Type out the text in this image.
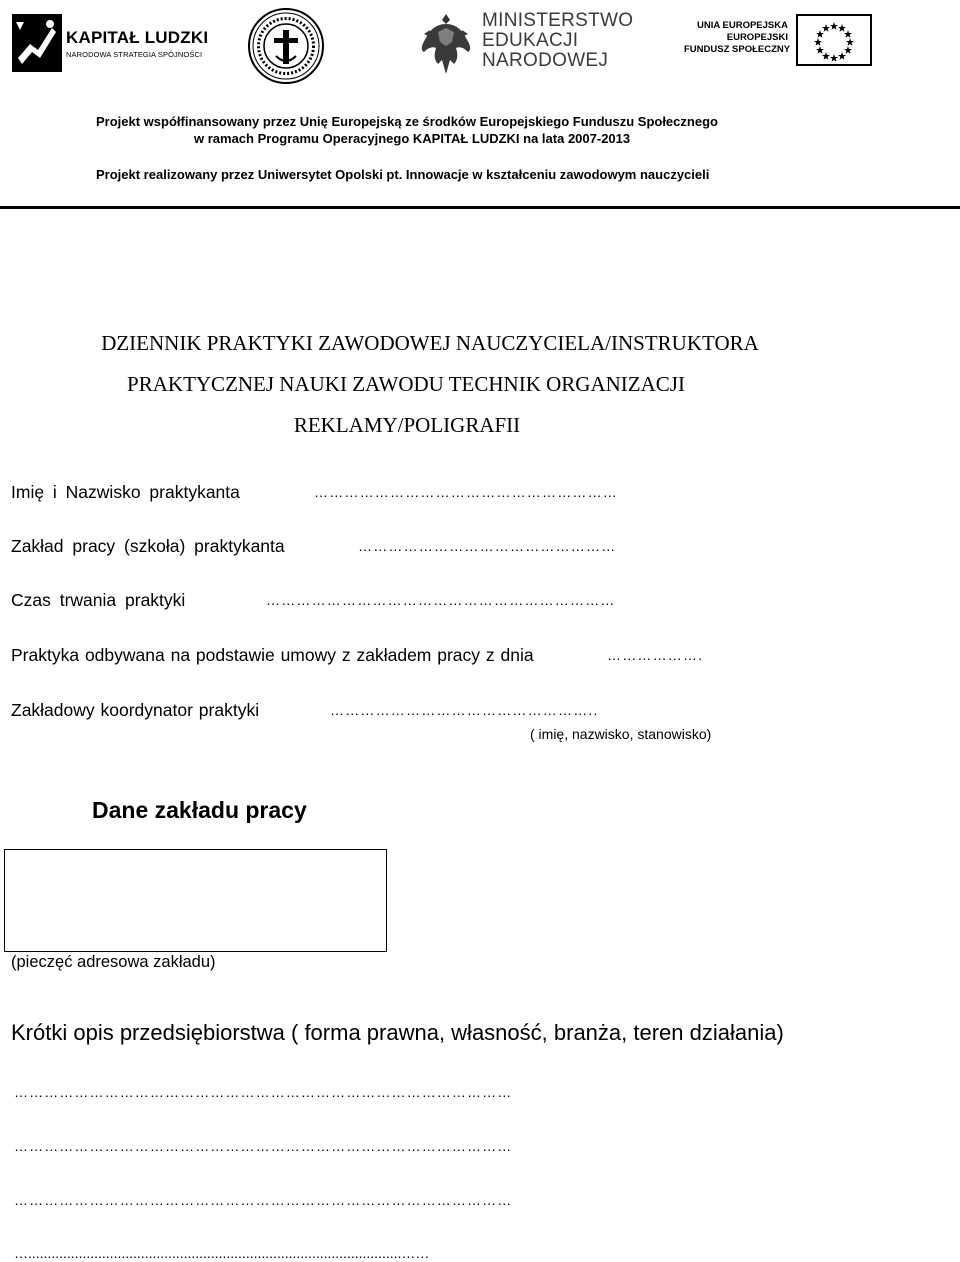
KAPITAŁ LUDZKI
NARODOWA STRATEGIA SPÓJNOŚCI
MINISTERSTWO
EDUKACJI
NARODOWEJ
UNIA EUROPEJSKA
EUROPEJSKI
FUNDUSZ SPOŁECZNY
Projekt współfinansowany przez Unię Europejską ze środków Europejskiego Funduszu Społecznego
w ramach Programu Operacyjnego KAPITAŁ LUDZKI na lata 2007-2013
Projekt realizowany przez Uniwersytet Opolski pt. Innowacje w kształceniu zawodowym nauczycieli
DZIENNIK PRAKTYKI ZAWODOWEJ NAUCZYCIELA/INSTRUKTORA
PRAKTYCZNEJ NAUKI ZAWODU TECHNIK ORGANIZACJI
REKLAMY/POLIGRAFII
Imię i Nazwisko praktykanta	……………………………………………………
Zakład pracy (szkoła) praktykanta	……………………………………………
Czas trwania praktyki	……………………………………………………………
Praktyka odbywana na podstawie umowy z zakładem pracy z dnia	……………….
Zakładowy koordynator praktyki	……………………………………………..
( imię, nazwisko, stanowisko)
Dane zakładu pracy
(pieczęć adresowa zakładu)
Krótki opis przedsiębiorstwa ( forma prawna, własność, branża, teren działania)
………………………………………………………………………………………
………………………………………………………………………………………
………………………………………………………………………………………
…................................................................................................……
